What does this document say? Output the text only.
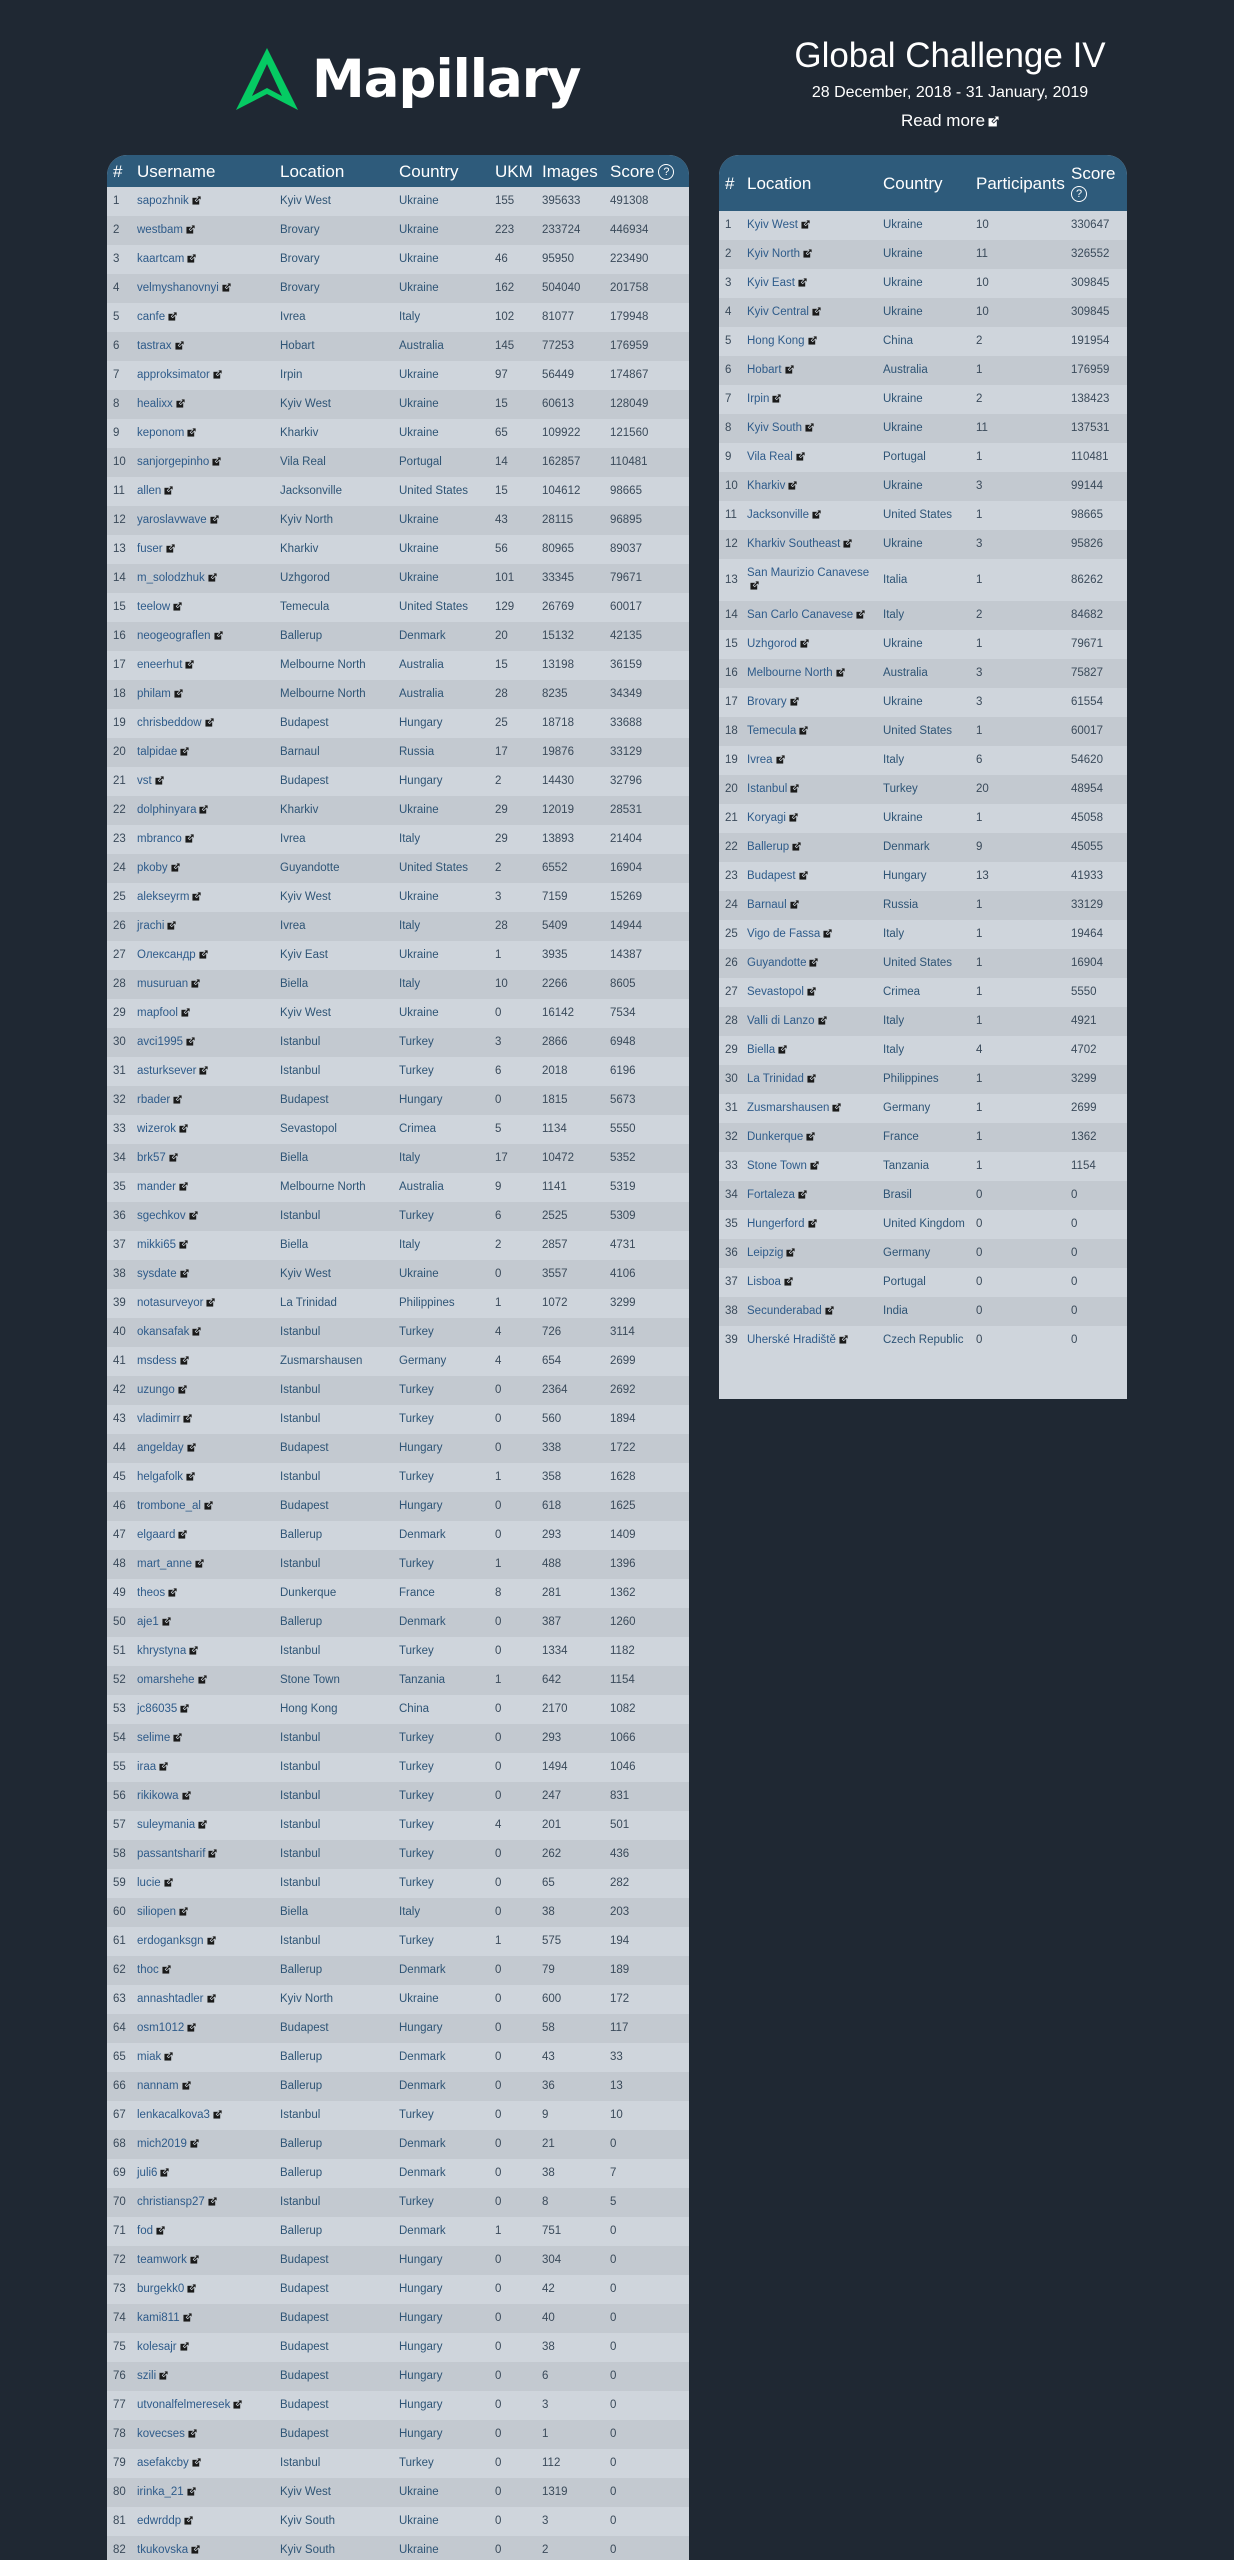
Mapillary	Global Challenge IV
28 December, 2018 - 31 January, 2019
Read more
#	Username	Location	Country	UKM	Images	Score ?
1	sapozhnik	Kyiv West	Ukraine	155	395633	491308
2	westbam	Brovary	Ukraine	223	233724	446934
3	kaartcam	Brovary	Ukraine	46	95950	223490
4	velmyshanovnyi	Brovary	Ukraine	162	504040	201758
5	canfe	Ivrea	Italy	102	81077	179948
6	tastrax	Hobart	Australia	145	77253	176959
7	approksimator	Irpin	Ukraine	97	56449	174867
8	healixx	Kyiv West	Ukraine	15	60613	128049
9	keponom	Kharkiv	Ukraine	65	109922	121560
10	sanjorgepinho	Vila Real	Portugal	14	162857	110481
11	allen	Jacksonville	United States	15	104612	98665
12	yaroslavwave	Kyiv North	Ukraine	43	28115	96895
13	fuser	Kharkiv	Ukraine	56	80965	89037
14	m_solodzhuk	Uzhgorod	Ukraine	101	33345	79671
15	teelow	Temecula	United States	129	26769	60017
16	neogeograflen	Ballerup	Denmark	20	15132	42135
17	eneerhut	Melbourne North	Australia	15	13198	36159
18	philam	Melbourne North	Australia	28	8235	34349
19	chrisbeddow	Budapest	Hungary	25	18718	33688
20	talpidae	Barnaul	Russia	17	19876	33129
21	vst	Budapest	Hungary	2	14430	32796
22	dolphinyara	Kharkiv	Ukraine	29	12019	28531
23	mbranco	Ivrea	Italy	29	13893	21404
24	pkoby	Guyandotte	United States	2	6552	16904
25	alekseyrm	Kyiv West	Ukraine	3	7159	15269
26	jrachi	Ivrea	Italy	28	5409	14944
27	Олександр	Kyiv East	Ukraine	1	3935	14387
28	musuruan	Biella	Italy	10	2266	8605
29	mapfool	Kyiv West	Ukraine	0	16142	7534
30	avci1995	Istanbul	Turkey	3	2866	6948
31	asturksever	Istanbul	Turkey	6	2018	6196
32	rbader	Budapest	Hungary	0	1815	5673
33	wizerok	Sevastopol	Crimea	5	1134	5550
34	brk57	Biella	Italy	17	10472	5352
35	mander	Melbourne North	Australia	9	1141	5319
36	sgechkov	Istanbul	Turkey	6	2525	5309
37	mikki65	Biella	Italy	2	2857	4731
38	sysdate	Kyiv West	Ukraine	0	3557	4106
39	notasurveyor	La Trinidad	Philippines	1	1072	3299
40	okansafak	Istanbul	Turkey	4	726	3114
41	msdess	Zusmarshausen	Germany	4	654	2699
42	uzungo	Istanbul	Turkey	0	2364	2692
43	vladimirr	Istanbul	Turkey	0	560	1894
44	angelday	Budapest	Hungary	0	338	1722
45	helgafolk	Istanbul	Turkey	1	358	1628
46	trombone_al	Budapest	Hungary	0	618	1625
47	elgaard	Ballerup	Denmark	0	293	1409
48	mart_anne	Istanbul	Turkey	1	488	1396
49	theos	Dunkerque	France	8	281	1362
50	aje1	Ballerup	Denmark	0	387	1260
51	khrystyna	Istanbul	Turkey	0	1334	1182
52	omarshehe	Stone Town	Tanzania	1	642	1154
53	jc86035	Hong Kong	China	0	2170	1082
54	selime	Istanbul	Turkey	0	293	1066
55	iraa	Istanbul	Turkey	0	1494	1046
56	rikikowa	Istanbul	Turkey	0	247	831
57	suleymania	Istanbul	Turkey	4	201	501
58	passantsharif	Istanbul	Turkey	0	262	436
59	lucie	Istanbul	Turkey	0	65	282
60	siliopen	Biella	Italy	0	38	203
61	erdoganksgn	Istanbul	Turkey	1	575	194
62	thoc	Ballerup	Denmark	0	79	189
63	annashtadler	Kyiv North	Ukraine	0	600	172
64	osm1012	Budapest	Hungary	0	58	117
65	miak	Ballerup	Denmark	0	43	33
66	nannam	Ballerup	Denmark	0	36	13
67	lenkacalkova3	Istanbul	Turkey	0	9	10
68	mich2019	Ballerup	Denmark	0	21	0
69	juli6	Ballerup	Denmark	0	38	7
70	christiansp27	Istanbul	Turkey	0	8	5
71	fod	Ballerup	Denmark	1	751	0
72	teamwork	Budapest	Hungary	0	304	0
73	burgekk0	Budapest	Hungary	0	42	0
74	kami811	Budapest	Hungary	0	40	0
75	kolesajr	Budapest	Hungary	0	38	0
76	szili	Budapest	Hungary	0	6	0
77	utvonalfelmeresek	Budapest	Hungary	0	3	0
78	kovecses	Budapest	Hungary	0	1	0
79	asefakcby	Istanbul	Turkey	0	112	0
80	irinka_21	Kyiv West	Ukraine	0	1319	0
81	edwrddp	Kyiv South	Ukraine	0	3	0
82	tkukovska	Kyiv South	Ukraine	0	2	0
#	Location	Country	Participants	Score
?
1	Kyiv West	Ukraine	10	330647
2	Kyiv North	Ukraine	11	326552
3	Kyiv East	Ukraine	10	309845
4	Kyiv Central	Ukraine	10	309845
5	Hong Kong	China	2	191954
6	Hobart	Australia	1	176959
7	Irpin	Ukraine	2	138423
8	Kyiv South	Ukraine	11	137531
9	Vila Real	Portugal	1	110481
10	Kharkiv	Ukraine	3	99144
11	Jacksonville	United States	1	98665
12	Kharkiv Southeast	Ukraine	3	95826
13	San Maurizio Canavese	Italia	1	86262
14	San Carlo Canavese	Italy	2	84682
15	Uzhgorod	Ukraine	1	79671
16	Melbourne North	Australia	3	75827
17	Brovary	Ukraine	3	61554
18	Temecula	United States	1	60017
19	Ivrea	Italy	6	54620
20	Istanbul	Turkey	20	48954
21	Koryagi	Ukraine	1	45058
22	Ballerup	Denmark	9	45055
23	Budapest	Hungary	13	41933
24	Barnaul	Russia	1	33129
25	Vigo de Fassa	Italy	1	19464
26	Guyandotte	United States	1	16904
27	Sevastopol	Crimea	1	5550
28	Valli di Lanzo	Italy	1	4921
29	Biella	Italy	4	4702
30	La Trinidad	Philippines	1	3299
31	Zusmarshausen	Germany	1	2699
32	Dunkerque	France	1	1362
33	Stone Town	Tanzania	1	1154
34	Fortaleza	Brasil	0	0
35	Hungerford	United Kingdom	0	0
36	Leipzig	Germany	0	0
37	Lisboa	Portugal	0	0
38	Secunderabad	India	0	0
39	Uherské Hradiště	Czech Republic	0	0
